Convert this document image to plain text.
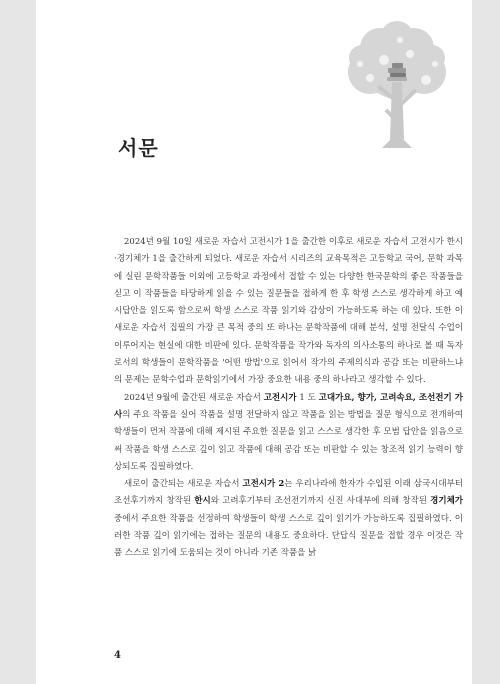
서문

2024년 9월 10일 새로운 자습서 고전시가 1을 출간한 이후로 새로운 자습서 고전시가 한시·경기체가 1을 출간하게 되었다. 새로운 자습서 시리즈의 교육목적은 고등학교 국어, 문학 과목에 실린 문학작품들 이외에 고등학교 과정에서 접할 수 있는 다양한 한국문학의 좋은 작품들을 싣고 이 작품들을 타당하게 읽을 수 있는 질문들을 접하게 한 후 학생 스스로 생각하게 하고 예시답안을 읽도록 함으로써 학생 스스로 작품 읽기와 감상이 가능하도록 하는 데 있다. 또한 이 새로운 자습서 집필의 가장 큰 목적 중의 또 하나는 문학작품에 대해 분석, 설명 전달식 수업이 이루어지는 현실에 대한 비판에 있다. 문학작품을 작가와 독자의 의사소통의 하나로 볼 때 독자로서의 학생들이 문학작품을 '어떤 방법'으로 읽어서 작가의 주제의식과 공감 또는 비판하느냐의 문제는 문학수업과 문학읽기에서 가장 중요한 내용 중의 하나라고 생각할 수 있다.

2024년 9월에 출간된 새로운 자습서 고전시가 1 도 고대가요, 향가, 고려속요, 조선전기 가사의 주요 작품을 실어 작품을 설명 전달하지 않고 작품을 읽는 방법을 질문 형식으로 전개하여 학생들이 먼저 작품에 대해 제시된 주요한 질문을 읽고 스스로 생각한 후 모범 답안을 읽음으로써 작품을 학생 스스로 깊이 읽고 작품에 대해 공감 또는 비판할 수 있는 창조적 읽기 능력이 향상되도록 집필하였다.

새로이 출간되는 새로운 자습서 고전시가 2는 우리나라에 한자가 수입된 이래 삼국시대부터 조선후기까지 창작된 한시와 고려후기부터 조선전기까지 신진 사대부에 의해 창작된 경기체가 중에서 주요한 작품을 선정하여 학생들이 학생 스스로 깊이 읽기가 가능하도록 집필하였다. 이러한 작품 깊이 읽기에는 접하는 질문의 내용도 중요하다. 단답식 질문을 접할 경우 이것은 작품 스스로 읽기에 도움되는 것이 아니라 기존 작품을 낡

4
